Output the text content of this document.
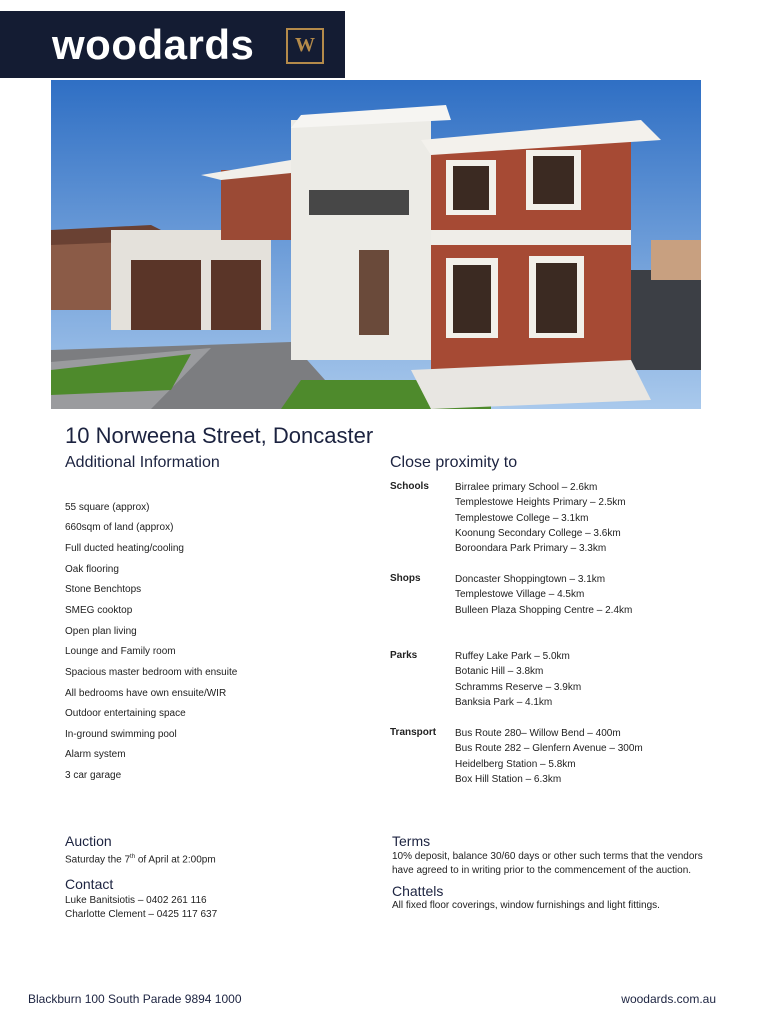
woodards	W
10 Norweena Street, Doncaster
Additional Information
55 square (approx)
660sqm of land (approx)
Full ducted heating/cooling
Oak flooring
Stone Benchtops
SMEG cooktop
Open plan living
Lounge and Family room
Spacious master bedroom with ensuite
All bedrooms have own ensuite/WIR
Outdoor entertaining space
In-ground swimming pool
Alarm system
3 car garage
Close proximity to
Schools	Birralee primary School – 2.6km
Templestowe Heights Primary – 2.5km
Templestowe College – 3.1km
Koonung Secondary College – 3.6km
Boroondara Park Primary – 3.3km
Shops	Doncaster Shoppingtown – 3.1km
Templestowe Village – 4.5km
Bulleen Plaza Shopping Centre – 2.4km
Parks	Ruffey Lake Park – 5.0km
Botanic Hill – 3.8km
Schramms Reserve – 3.9km
Banksia Park – 4.1km
Transport Bus Route 280– Willow Bend – 400m
Bus Route 282 – Glenfern Avenue – 300m
Heidelberg Station – 5.8km
Box Hill Station – 6.3km
Auction
Saturday the 7th of April at 2:00pm
Contact
Luke Banitsiotis – 0402 261 116
Charlotte Clement – 0425 117 637
Terms
10% deposit, balance 30/60 days or other such terms that the vendors
have agreed to in writing prior to the commencement of the auction.
Chattels
All fixed floor coverings, window furnishings and light fittings.
Blackburn 100 South Parade 9894 1000	woodards.com.au
